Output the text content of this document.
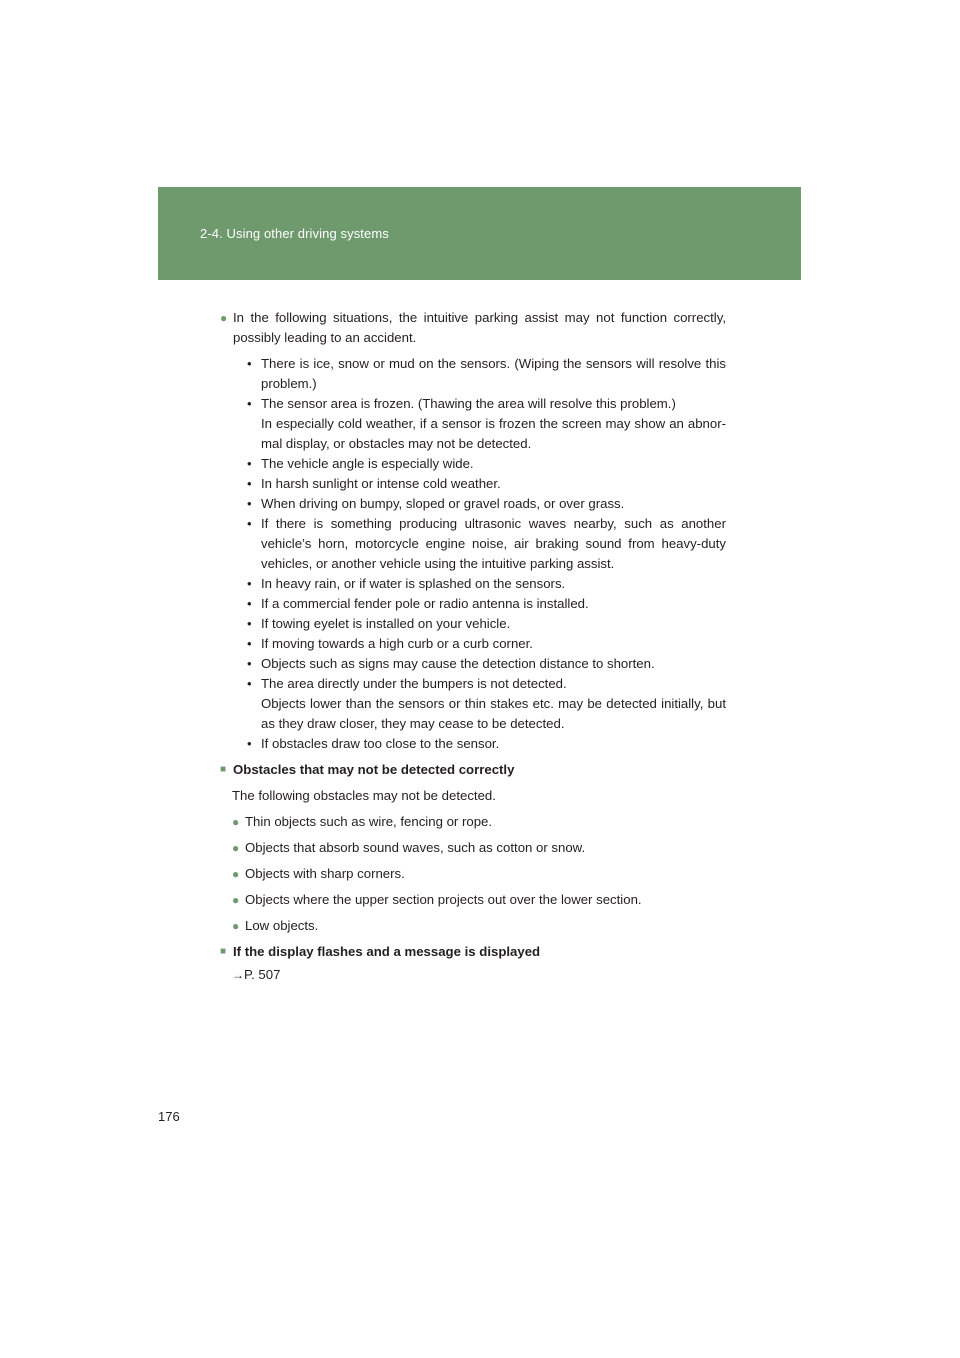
2-4. Using other driving systems
● In the following situations, the intuitive parking assist may not function correctly, possibly leading to an accident.
• There is ice, snow or mud on the sensors. (Wiping the sensors will resolve this problem.)
• The sensor area is frozen. (Thawing the area will resolve this problem.)
In especially cold weather, if a sensor is frozen the screen may show an abnor-mal display, or obstacles may not be detected.
• The vehicle angle is especially wide.
• In harsh sunlight or intense cold weather.
• When driving on bumpy, sloped or gravel roads, or over grass.
• If there is something producing ultrasonic waves nearby, such as another vehicle’s horn, motorcycle engine noise, air braking sound from heavy-duty vehicles, or another vehicle using the intuitive parking assist.
• In heavy rain, or if water is splashed on the sensors.
• If a commercial fender pole or radio antenna is installed.
• If towing eyelet is installed on your vehicle.
• If moving towards a high curb or a curb corner.
• Objects such as signs may cause the detection distance to shorten.
• The area directly under the bumpers is not detected.
Objects lower than the sensors or thin stakes etc. may be detected initially, but as they draw closer, they may cease to be detected.
• If obstacles draw too close to the sensor.
■ Obstacles that may not be detected correctly
The following obstacles may not be detected.
● Thin objects such as wire, fencing or rope.
● Objects that absorb sound waves, such as cotton or snow.
● Objects with sharp corners.
● Objects where the upper section projects out over the lower section.
● Low objects.
■ If the display flashes and a message is displayed
→P. 507
176
